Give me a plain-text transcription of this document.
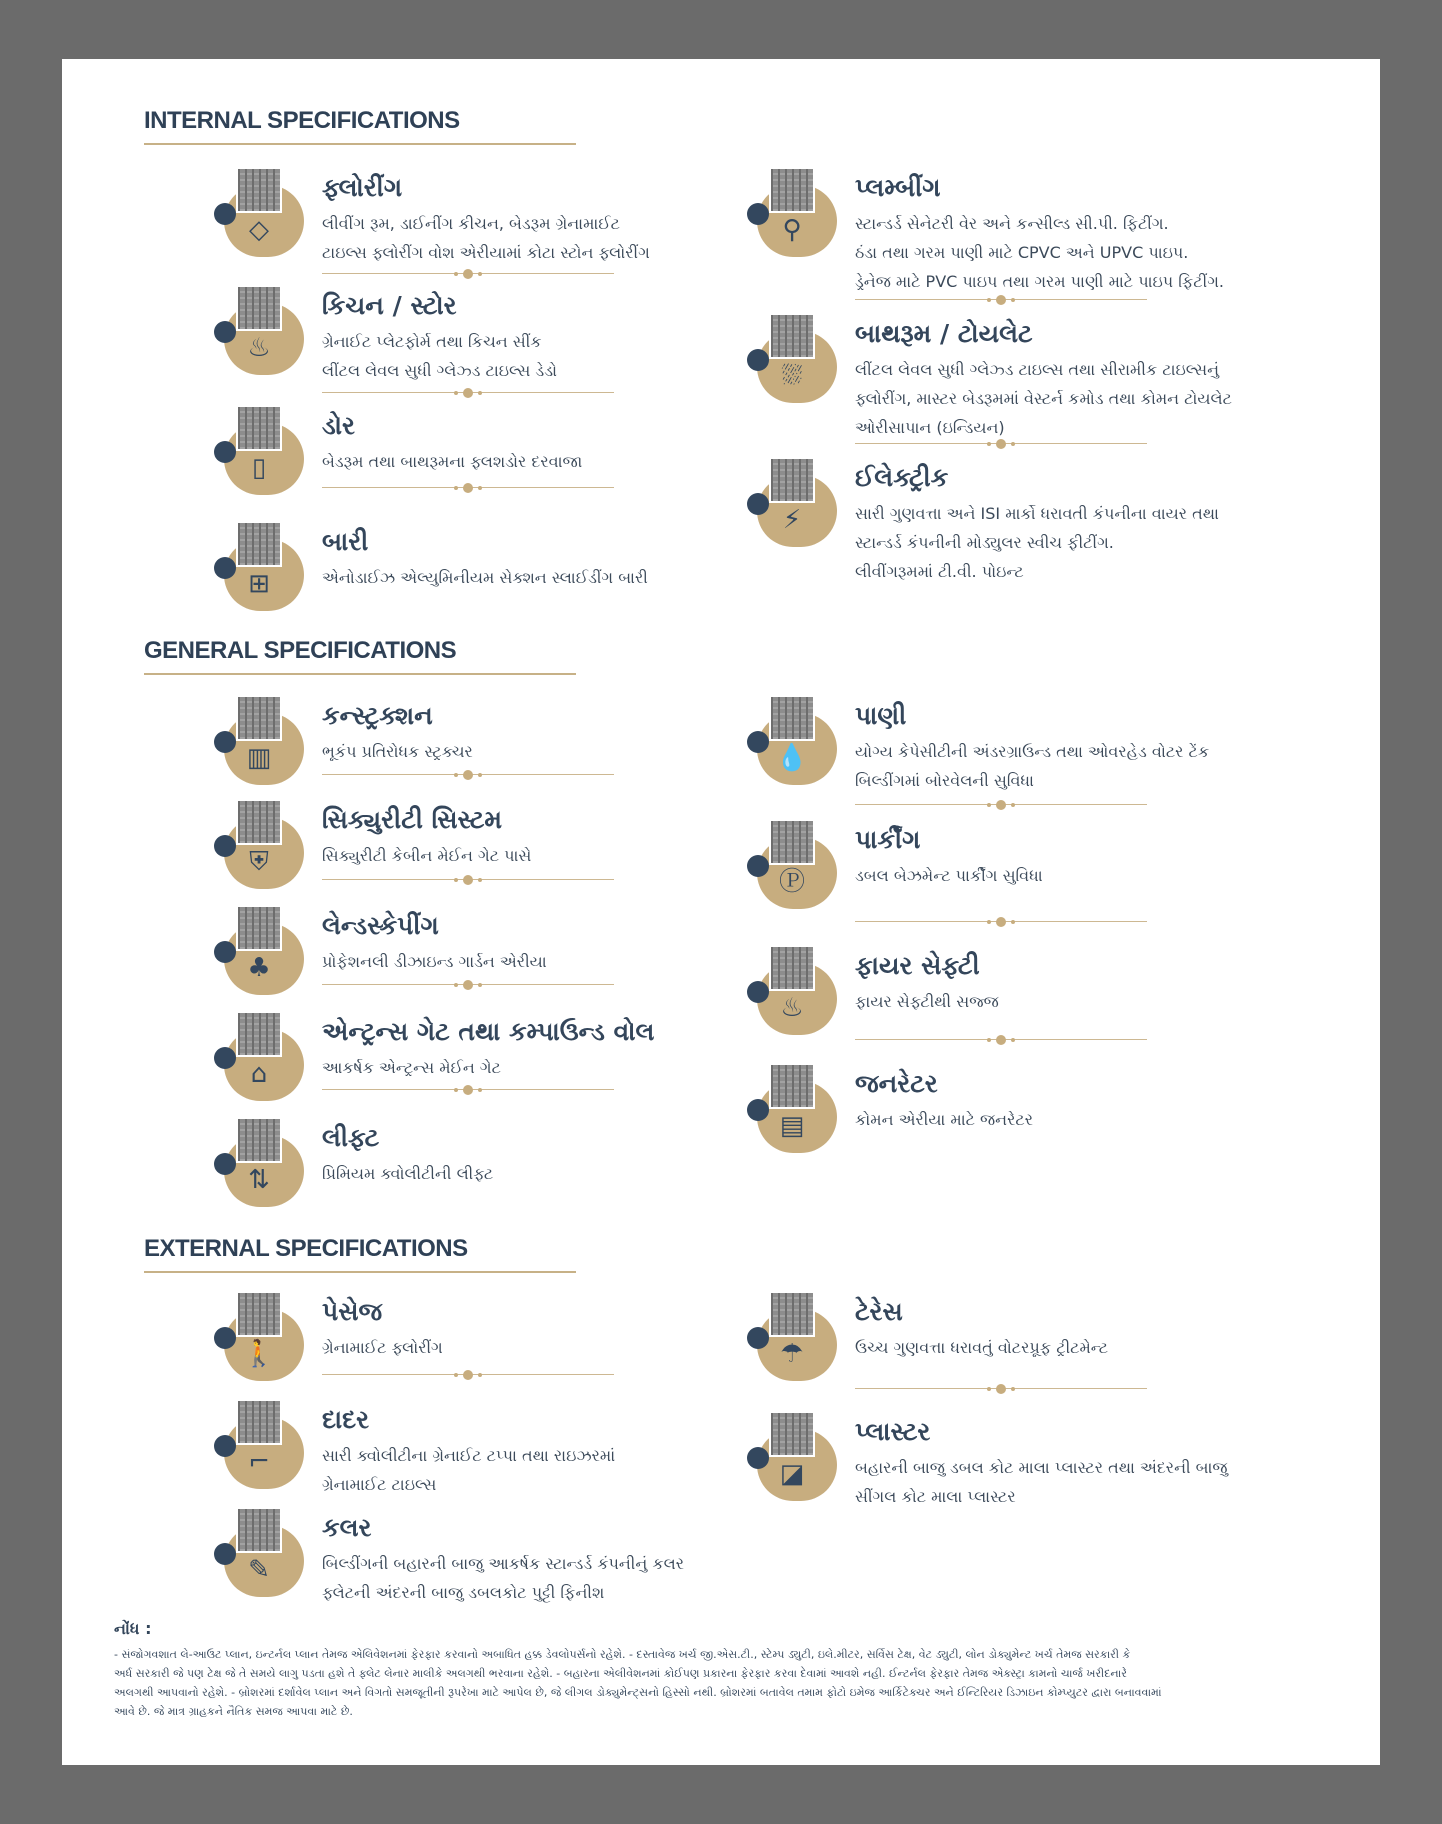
INTERNAL SPECIFICATIONS
◇
ફ્લોરીંગ
લીવીંગ રૂમ, ડાઈનીંગ કીચન, બેડરૂમ ગ્રેનામાઈટ
ટાઇલ્સ ફ્લોરીંગ વોશ એરીયામાં કોટા સ્ટોન ફ્લોરીંગ
♨
કિચન / સ્ટોર
ગ્રેનાઈટ પ્લેટફોર્મ તથા કિચન સીંક
લીંટલ લેવલ સુધી ગ્લેઝ્ડ ટાઇલ્સ ડેડો
▯
ડોર
બેડરૂમ તથા બાથરૂમના ફ્લશડોર દરવાજા
⊞
બારી
એનોડાઈઝ એલ્યુમિનીયમ સેક્શન સ્લાઈડીંગ બારી
⚲
પ્લમ્બીંગ
સ્ટાન્ડર્ડ સેનેટરી વેર અને કન્સીલ્ડ સી.પી. ફિટીંગ.
ઠંડા તથા ગરમ પાણી માટે CPVC અને UPVC પાઇપ.
ડ્રેનેજ માટે PVC પાઇપ તથા ગરમ પાણી માટે પાઇપ ફિટીંગ.
⛆
બાથરૂમ / ટોયલેટ
લીંટલ લેવલ સુધી ગ્લેઝ્ડ ટાઇલ્સ તથા સીરામીક ટાઇલ્સનું
ફ્લોરીંગ, માસ્ટર બેડરૂમમાં વેસ્ટર્ન કમોડ તથા કોમન ટોયલેટ
ઓરીસાપાન (ઇન્ડિયન)
⚡
ઈલેક્ટ્રીક
સારી ગુણવત્તા અને ISI માર્કો ધરાવતી કંપનીના વાયર તથા
સ્ટાન્ડર્ડ કંપનીની મોડ્યુલર સ્વીચ ફીટીંગ.
લીવીંગરૂમમાં ટી.વી. પોઇન્ટ
GENERAL SPECIFICATIONS
▥
કન્સ્ટ્રક્શન
ભૂકંપ પ્રતિરોધક સ્ટ્રક્ચર
⛨
સિક્યુરીટી સિસ્ટમ
સિક્યુરીટી કેબીન મેઈન ગેટ પાસે
♣
લેન્ડસ્કેપીંગ
પ્રોફેશનલી ડીઝાઇન્ડ ગાર્ડન એરીયા
⌂
એન્ટ્રન્સ ગેટ તથા કમ્પાઉન્ડ વોલ
આકર્ષક એન્ટ્રન્સ મેઈન ગેટ
⇅
લીફ્ટ
પ્રિમિયમ ક્વોલીટીની લીફ્ટ
💧
પાણી
યોગ્ય કેપેસીટીની અંડરગ્રાઉન્ડ તથા ઓવરહેડ વોટર ટેંક
બિલ્ડીંગમાં બોરવેલની સુવિધા
Ⓟ
પાર્કીંગ
ડબલ બેઝમેન્ટ પાર્કીંગ સુવિધા
♨
ફાયર સેફ્ટી
ફાયર સેફ્ટીથી સજ્જ
▤
જનરેટર
કોમન એરીયા માટે જનરેટર
EXTERNAL SPECIFICATIONS
🚶
પેસેજ
ગ્રેનામાઈટ ફ્લોરીંગ
⌐
દાદર
સારી ક્વોલીટીના ગ્રેનાઈટ ટપ્પા તથા રાઇઝરમાં
ગ્રેનામાઈટ ટાઇલ્સ
✎
કલર
બિલ્ડીંગની બહારની બાજુ આકર્ષક સ્ટાન્ડર્ડ કંપનીનું કલર
ફ્લેટની અંદરની બાજુ ડબલકોટ પુટ્ટી ફિનીશ
☂
ટેરેસ
ઉચ્ચ ગુણવત્તા ધરાવતું વોટરપ્રૂફ ટ્રીટમેન્ટ
◪
પ્લાસ્ટર
બહારની બાજુ ડબલ કોટ માલા પ્લાસ્ટર તથા અંદરની બાજુ
સીંગલ કોટ માલા પ્લાસ્ટર
નોંધ :
- સંજોગવશાત લે-આઉટ પ્લાન, ઇન્ટર્નલ પ્લાન તેમજ એલિવેશનમાં ફેરફાર કરવાનો અબાધિત હક્ક ડેવલોપર્સનો રહેશે. - દસ્તાવેજ ખર્ચ જી.એસ.ટી., સ્ટેમ્પ ડ્યુટી, ઇલે.મીટર, સર્વિસ ટેક્ષ, વેટ ડ્યુટી, લોન ડોક્યુમેન્ટ ખર્ચ તેમજ સરકારી કે
અર્ધ સરકારી જે પણ ટેક્ષ જે તે સમયે લાગુ પડતા હશે તે ફ્લેટ લેનાર માલીકે અલગથી ભરવાના રહેશે. - બહારના એલીવેશનમાં કોઈપણ પ્રકારના ફેરફાર કરવા દેવામાં આવશે નહી. ઈન્ટર્નલ ફેરફાર તેમજ એક્સ્ટ્રા કામનો ચાર્જ ખરીદનારે
અલગથી આપવાનો રહેશે. - બ્રોશરમાં દર્શાવેલ પ્લાન અને વિગતો સમજૂતીની રૂપરેખા માટે આપેલ છે, જે લીગલ ડોક્યુમેન્ટ્સનો હિસ્સો નથી. બ્રોશરમાં બતાવેલ તમામ ફોટો ઇમેજ આર્કિટેક્ચર અને ઈન્ટિરિયર ડિઝાઇન કોમ્પ્યુટર દ્વારા બનાવવામાં
આવે છે. જે માત્ર ગ્રાહકને નૈતિક સમજ આપવા માટે છે.
